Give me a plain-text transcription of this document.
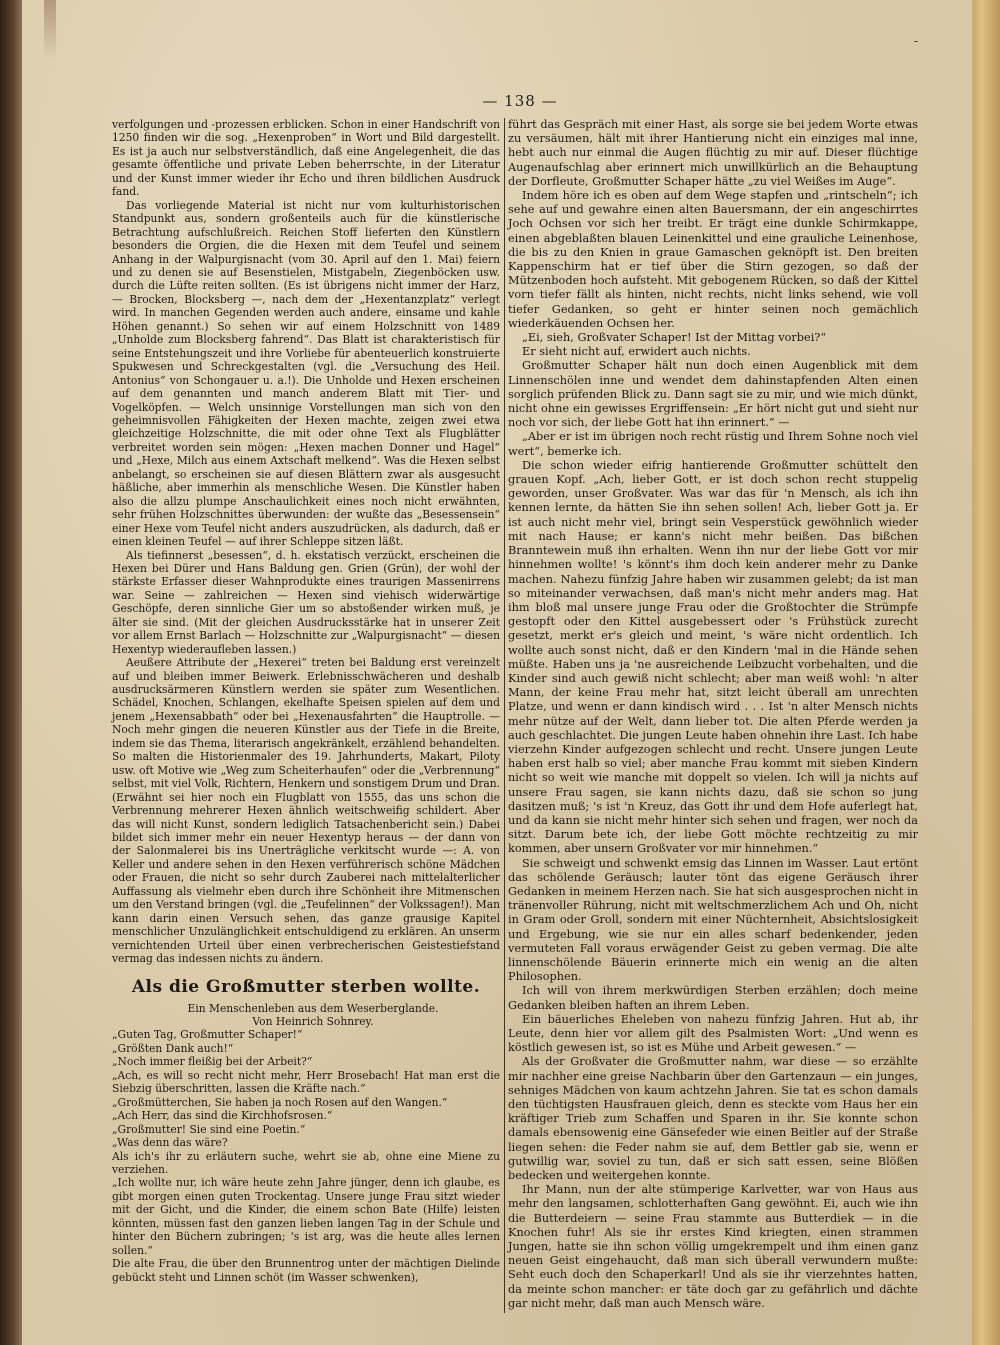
-
— 138 —

verfolgungen und -prozessen erblicken. Schon in einer Handschrift von 1250 finden wir die sog. „Hexenproben“ in Wort und Bild dargestellt. Es ist ja auch nur selbstverständlich, daß eine Angelegenheit, die das gesamte öffentliche und private Leben beherrschte, in der Literatur und der Kunst immer wieder ihr Echo und ihren bildlichen Ausdruck fand.

Das vorliegende Material ist nicht nur vom kulturhistorischen Standpunkt aus, sondern großenteils auch für die künstlerische Betrachtung aufschlußreich. Reichen Stoff lieferten den Künstlern besonders die Orgien, die die Hexen mit dem Teufel und seinem Anhang in der Walpurgisnacht (vom 30. April auf den 1. Mai) feiern und zu denen sie auf Besenstielen, Mistgabeln, Ziegenböcken usw. durch die Lüfte reiten sollten. (Es ist übrigens nicht immer der Harz, — Brocken, Blocksberg —, nach dem der „Hexentanzplatz“ verlegt wird. In manchen Gegenden werden auch andere, einsame und kahle Höhen genannt.) So sehen wir auf einem Holzschnitt von 1489 „Unholde zum Blocksberg fahrend“. Das Blatt ist charakteristisch für seine Entstehungszeit und ihre Vorliebe für abenteuerlich konstruierte Spukwesen und Schreckgestalten (vgl. die „Versuchung des Heil. Antonius“ von Schongauer u. a.!). Die Unholde und Hexen erscheinen auf dem genannten und manch anderem Blatt mit Tier- und Vogelköpfen. — Welch unsinnige Vorstellungen man sich von den geheimnisvollen Fähigkeiten der Hexen machte, zeigen zwei etwa gleichzeitige Holzschnitte, die mit oder ohne Text als Flugblätter verbreitet worden sein mögen: „Hexen machen Donner und Hagel“ und „Hexe, Milch aus einem Axtschaft melkend“. Was die Hexen selbst anbelangt, so erscheinen sie auf diesen Blättern zwar als ausgesucht häßliche, aber immerhin als menschliche Wesen. Die Künstler haben also die allzu plumpe Anschaulichkeit eines noch nicht erwähnten, sehr frühen Holzschnittes überwunden: der wußte das „Besessensein“ einer Hexe vom Teufel nicht anders auszudrücken, als dadurch, daß er einen kleinen Teufel — auf ihrer Schleppe sitzen läßt.

Als tiefinnerst „besessen“, d. h. ekstatisch verzückt, erscheinen die Hexen bei Dürer und Hans Baldung gen. Grien (Grün), der wohl der stärkste Erfasser dieser Wahnprodukte eines traurigen Massenirrens war. Seine — zahlreichen — Hexen sind viehisch widerwärtige Geschöpfe, deren sinnliche Gier um so abstoßender wirken muß, je älter sie sind. (Mit der gleichen Ausdrucksstärke hat in unserer Zeit vor allem Ernst Barlach — Holzschnitte zur „Walpurgisnacht“ — diesen Hexentyp wiederaufleben lassen.)

Aeußere Attribute der „Hexerei“ treten bei Baldung erst vereinzelt auf und bleiben immer Beiwerk. Erlebnisschwächeren und deshalb ausdrucksärmeren Künstlern werden sie später zum Wesentlichen. Schädel, Knochen, Schlangen, ekelhafte Speisen spielen auf dem und jenem „Hexensabbath“ oder bei „Hexenausfahrten“ die Hauptrolle. — Noch mehr gingen die neueren Künstler aus der Tiefe in die Breite, indem sie das Thema, literarisch angekränkelt, erzählend behandelten. So malten die Historienmaler des 19. Jahrhunderts, Makart, Piloty usw. oft Motive wie „Weg zum Scheiterhaufen“ oder die „Verbrennung“ selbst, mit viel Volk, Richtern, Henkern und sonstigem Drum und Dran. (Erwähnt sei hier noch ein Flugblatt von 1555, das uns schon die Verbrennung mehrerer Hexen ähnlich weitschweifig schildert. Aber das will nicht Kunst, sondern lediglich Tatsachenbericht sein.) Dabei bildet sich immer mehr ein neuer Hexentyp heraus — der dann von der Salonmalerei bis ins Unerträgliche verkitscht wurde —: A. von Keller und andere sehen in den Hexen verführerisch schöne Mädchen oder Frauen, die nicht so sehr durch Zauberei nach mittelalterlicher Auffassung als vielmehr eben durch ihre Schönheit ihre Mitmenschen um den Verstand bringen (vgl. die „Teufelinnen“ der Volkssagen!). Man kann darin einen Versuch sehen, das ganze grausige Kapitel menschlicher Unzulänglichkeit entschuldigend zu erklären. An unserm vernichtenden Urteil über einen verbrecherischen Geistestiefstand vermag das indessen nichts zu ändern.

Als die Großmutter sterben wollte.

Ein Menschenleben aus dem Weserberglande.

Von Heinrich Sohnrey.

„Guten Tag, Großmutter Schaper!“

„Größten Dank auch!“

„Noch immer fleißig bei der Arbeit?“

„Ach, es will so recht nicht mehr, Herr Brosebach! Hat man erst die Siebzig überschritten, lassen die Kräfte nach.“

„Großmütterchen, Sie haben ja noch Rosen auf den Wangen.“

„Ach Herr, das sind die Kirchhofsrosen.“

„Großmutter! Sie sind eine Poetin.“

„Was denn das wäre?

Als ich's ihr zu erläutern suche, wehrt sie ab, ohne eine Miene zu verziehen.

„Ich wollte nur, ich wäre heute zehn Jahre jünger, denn ich glaube, es gibt morgen einen guten Trockentag. Unsere junge Frau sitzt wieder mit der Gicht, und die Kinder, die einem schon Bate (Hilfe) leisten könnten, müssen fast den ganzen lieben langen Tag in der Schule und hinter den Büchern zubringen; 's ist arg, was die heute alles lernen sollen.“

Die alte Frau, die über den Brunnentrog unter der mächtigen Dielinde gebückt steht und Linnen schöt (im Wasser schwenken),

führt das Gespräch mit einer Hast, als sorge sie bei jedem Worte etwas zu versäumen, hält mit ihrer Hantierung nicht ein einziges mal inne, hebt auch nur einmal die Augen flüchtig zu mir auf. Dieser flüchtige Augenaufschlag aber erinnert mich unwillkürlich an die Behauptung der Dorfleute, Großmutter Schaper hätte „zu viel Weißes im Auge“.

Indem höre ich es oben auf dem Wege stapfen und „rintscheln“; ich sehe auf und gewahre einen alten Bauersmann, der ein angeschirrtes Joch Ochsen vor sich her treibt. Er trägt eine dunkle Schirmkappe, einen abgeblaßten blauen Leinenkittel und eine grauliche Leinenhose, die bis zu den Knien in graue Gamaschen geknöpft ist. Den breiten Kappenschirm hat er tief über die Stirn gezogen, so daß der Mützenboden hoch aufsteht. Mit gebogenem Rücken, so daß der Kittel vorn tiefer fällt als hinten, nicht rechts, nicht links sehend, wie voll tiefer Gedanken, so geht er hinter seinen noch gemächlich wiederkäuenden Ochsen her.

„Ei, sieh, Großvater Schaper! Ist der Mittag vorbei?“

Er sieht nicht auf, erwidert auch nichts.

Großmutter Schaper hält nun doch einen Augenblick mit dem Linnenschölen inne und wendet dem dahinstapfenden Alten einen sorglich prüfenden Blick zu. Dann sagt sie zu mir, und wie mich dünkt, nicht ohne ein gewisses Ergriffensein: „Er hört nicht gut und sieht nur noch vor sich, der liebe Gott hat ihn erinnert.“ —

„Aber er ist im übrigen noch recht rüstig und Ihrem Sohne noch viel wert“, bemerke ich.

Die schon wieder eifrig hantierende Großmutter schüttelt den grauen Kopf. „Ach, lieber Gott, er ist doch schon recht stuppelig geworden, unser Großvater. Was war das für 'n Mensch, als ich ihn kennen lernte, da hätten Sie ihn sehen sollen! Ach, lieber Gott ja. Er ist auch nicht mehr viel, bringt sein Vesperstück gewöhnlich wieder mit nach Hause; er kann's nicht mehr beißen. Das bißchen Branntewein muß ihn erhalten. Wenn ihn nur der liebe Gott vor mir hinnehmen wollte! 's könnt's ihm doch kein anderer mehr zu Danke machen. Nahezu fünfzig Jahre haben wir zusammen gelebt; da ist man so miteinander verwachsen, daß man's nicht mehr anders mag. Hat ihm bloß mal unsere junge Frau oder die Großtochter die Strümpfe gestopft oder den Kittel ausgebessert oder 's Frühstück zurecht gesetzt, merkt er's gleich und meint, 's wäre nicht ordentlich. Ich wollte auch sonst nicht, daß er den Kindern 'mal in die Hände sehen müßte. Haben uns ja 'ne ausreichende Leibzucht vorbehalten, und die Kinder sind auch gewiß nicht schlecht; aber man weiß wohl: 'n alter Mann, der keine Frau mehr hat, sitzt leicht überall am unrechten Platze, und wenn er dann kindisch wird . . . Ist 'n alter Mensch nichts mehr nütze auf der Welt, dann lieber tot. Die alten Pferde werden ja auch geschlachtet. Die jungen Leute haben ohnehin ihre Last. Ich habe vierzehn Kinder aufgezogen schlecht und recht. Unsere jungen Leute haben erst halb so viel; aber manche Frau kommt mit sieben Kindern nicht so weit wie manche mit doppelt so vielen. Ich will ja nichts auf unsere Frau sagen, sie kann nichts dazu, daß sie schon so jung dasitzen muß; 's ist 'n Kreuz, das Gott ihr und dem Hofe auferlegt hat, und da kann sie nicht mehr hinter sich sehen und fragen, wer noch da sitzt. Darum bete ich, der liebe Gott möchte rechtzeitig zu mir kommen, aber unsern Großvater vor mir hinnehmen.“

Sie schweigt und schwenkt emsig das Linnen im Wasser. Laut ertönt das schölende Geräusch; lauter tönt das eigene Geräusch ihrer Gedanken in meinem Herzen nach. Sie hat sich ausgesprochen nicht in tränenvoller Rührung, nicht mit weltschmerzlichem Ach und Oh, nicht in Gram oder Groll, sondern mit einer Nüchternheit, Absichtslosigkeit und Ergebung, wie sie nur ein alles scharf bedenkender, jeden vermuteten Fall voraus erwägender Geist zu geben vermag. Die alte linnenschölende Bäuerin erinnerte mich ein wenig an die alten Philosophen.

Ich will von ihrem merkwürdigen Sterben erzählen; doch meine Gedanken bleiben haften an ihrem Leben.

Ein bäuerliches Eheleben von nahezu fünfzig Jahren. Hut ab, ihr Leute, denn hier vor allem gilt des Psalmisten Wort: „Und wenn es köstlich gewesen ist, so ist es Mühe und Arbeit gewesen.“ —

Als der Großvater die Großmutter nahm, war diese — so erzählte mir nachher eine greise Nachbarin über den Gartenzaun — ein junges, sehniges Mädchen von kaum achtzehn Jahren. Sie tat es schon damals den tüchtigsten Hausfrauen gleich, denn es steckte vom Haus her ein kräftiger Trieb zum Schaffen und Sparen in ihr. Sie konnte schon damals ebensowenig eine Gänsefeder wie einen Beitler auf der Straße liegen sehen: die Feder nahm sie auf, dem Bettler gab sie, wenn er gutwillig war, soviel zu tun, daß er sich satt essen, seine Blößen bedecken und weitergehen konnte.

Ihr Mann, nun der alte stümperige Karlvetter, war von Haus aus mehr den langsamen, schlotterhaften Gang gewöhnt. Ei, auch wie ihn die Butterdeiern — seine Frau stammte aus Butterdiek — in die Knochen fuhr! Als sie ihr erstes Kind kriegten, einen strammen Jungen, hatte sie ihn schon völlig umgekrempelt und ihm einen ganz neuen Geist eingehaucht, daß man sich überall verwundern mußte: Seht euch doch den Schaperkarl! Und als sie ihr vierzehntes hatten, da meinte schon mancher: er täte doch gar zu gefährlich und dächte gar nicht mehr, daß man auch Mensch wäre.
